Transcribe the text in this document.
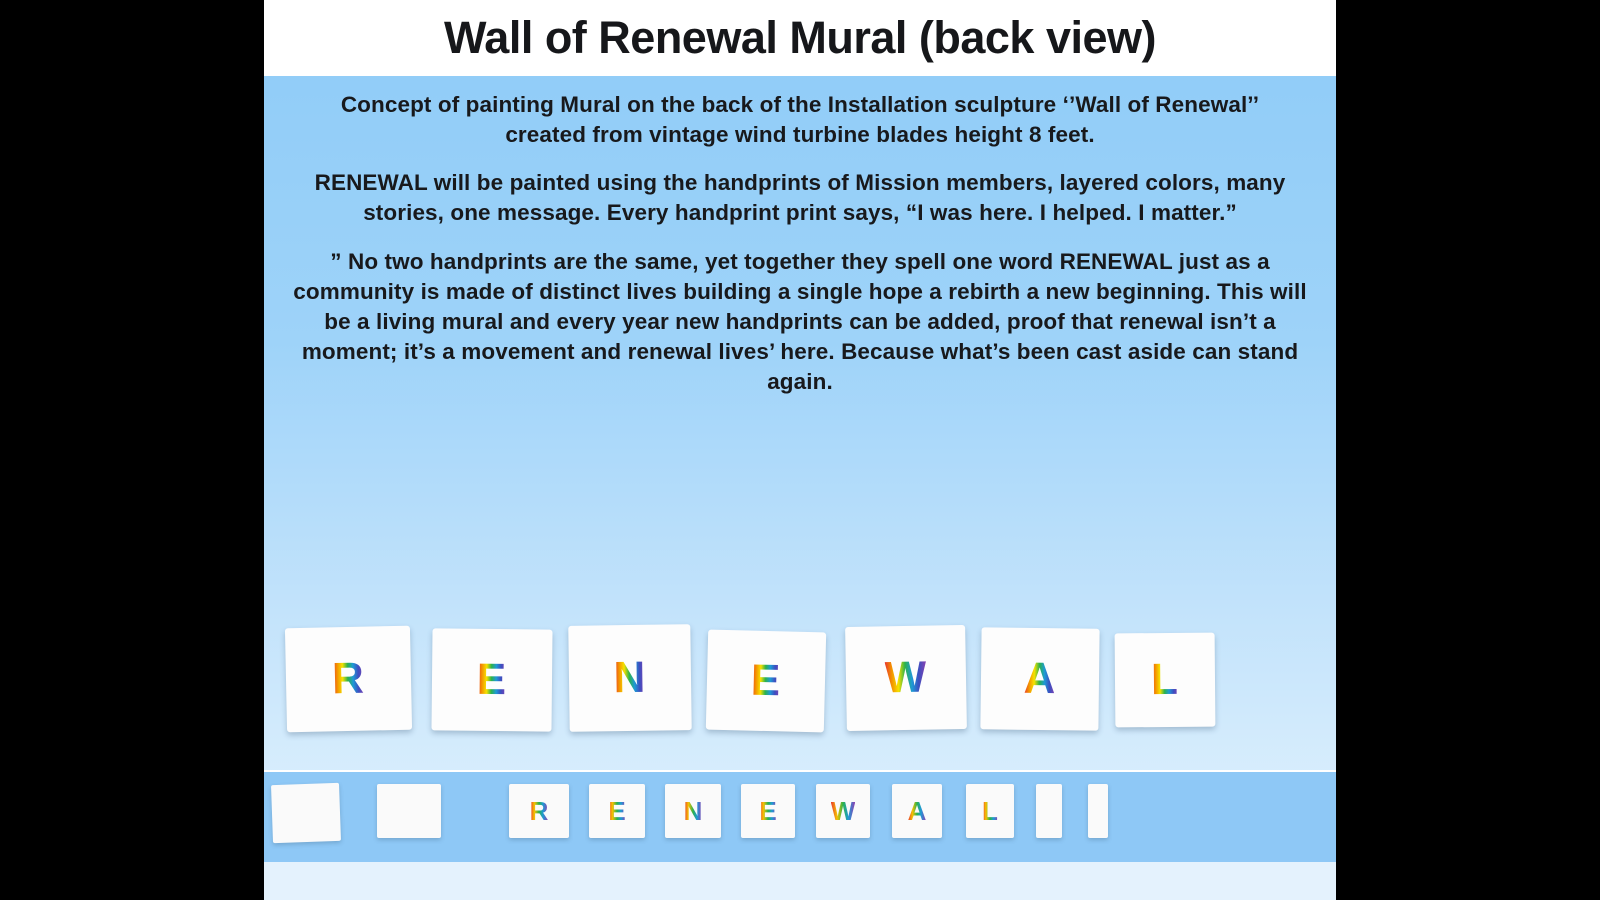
Wall of Renewal Mural (back view)

Concept of painting Mural on the back of the Installation sculpture ‘’Wall of Renewal’’ created from vintage wind turbine blades height 8 feet.

RENEWAL will be painted using the handprints of Mission members, layered colors, many stories, one message. Every handprint print says, “I was here. I helped. I matter.”

” No two handprints are the same, yet together they spell one word RENEWAL just as a community is made of distinct lives building a single hope a rebirth a new beginning. This will be a living mural and every year new handprints can be added, proof that renewal isn’t a moment; it’s a movement and renewal lives’ here. Because what’s been cast aside can stand again.

R	E N E W A L
R E N E W A L
